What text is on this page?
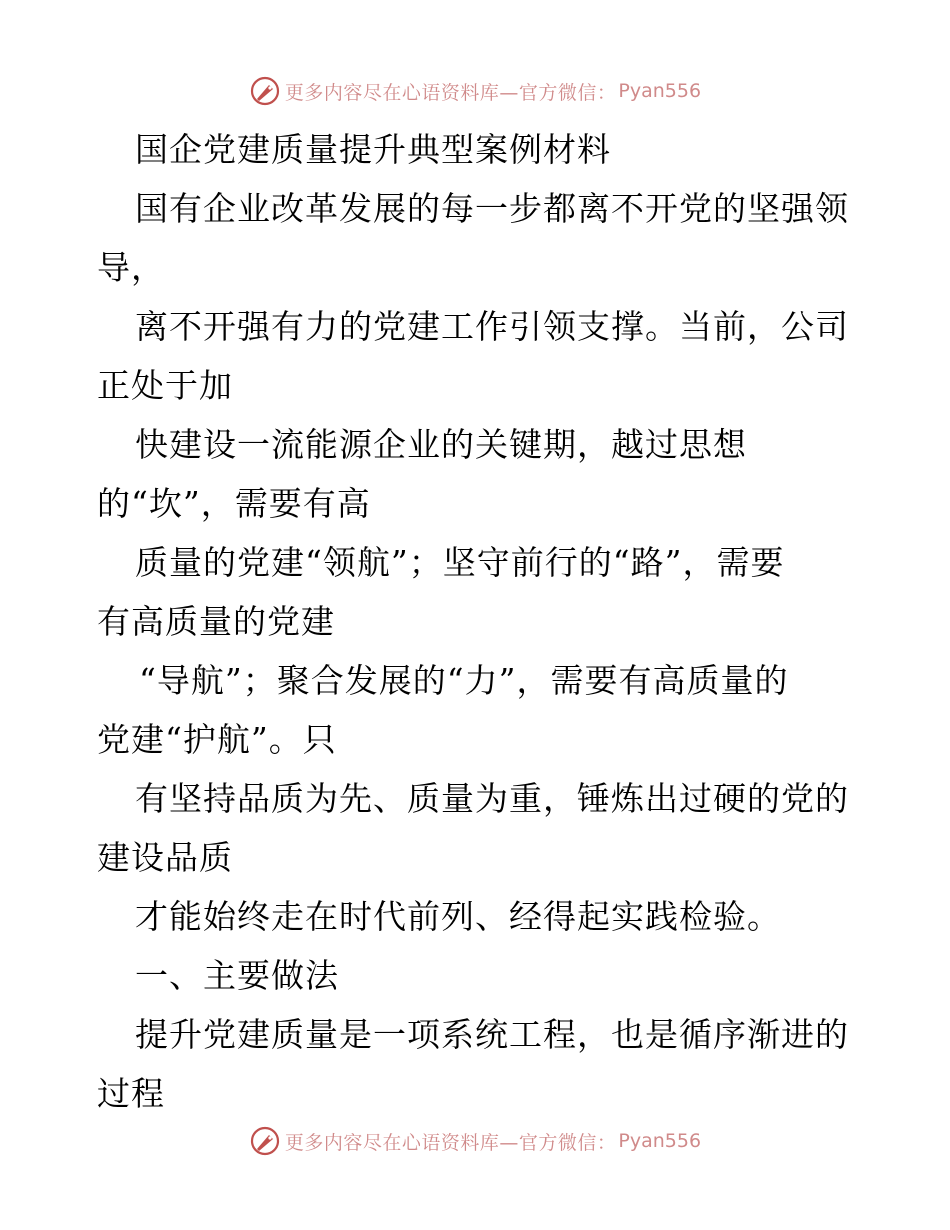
更多内容尽在心语资料库—官方微信： Pyan556
国企党建质量提升典型案例材料
国有企业改革发展的每一步都离不开党的坚强领
导，
离不开强有力的党建工作引领支撑。当前，公司
正处于加
快建设一流能源企业的关键期，越过思想
的“坎”，需要有高
质量的党建“领航”；坚守前行的“路”，需要
有高质量的党建
“导航”；聚合发展的“力”，需要有高质量的
党建“护航”。只
有坚持品质为先、质量为重，锤炼出过硬的党的
建设品质
才能始终走在时代前列、经得起实践检验。
一、主要做法
提升党建质量是一项系统工程，也是循序渐进的
过程
更多内容尽在心语资料库—官方微信： Pyan556
